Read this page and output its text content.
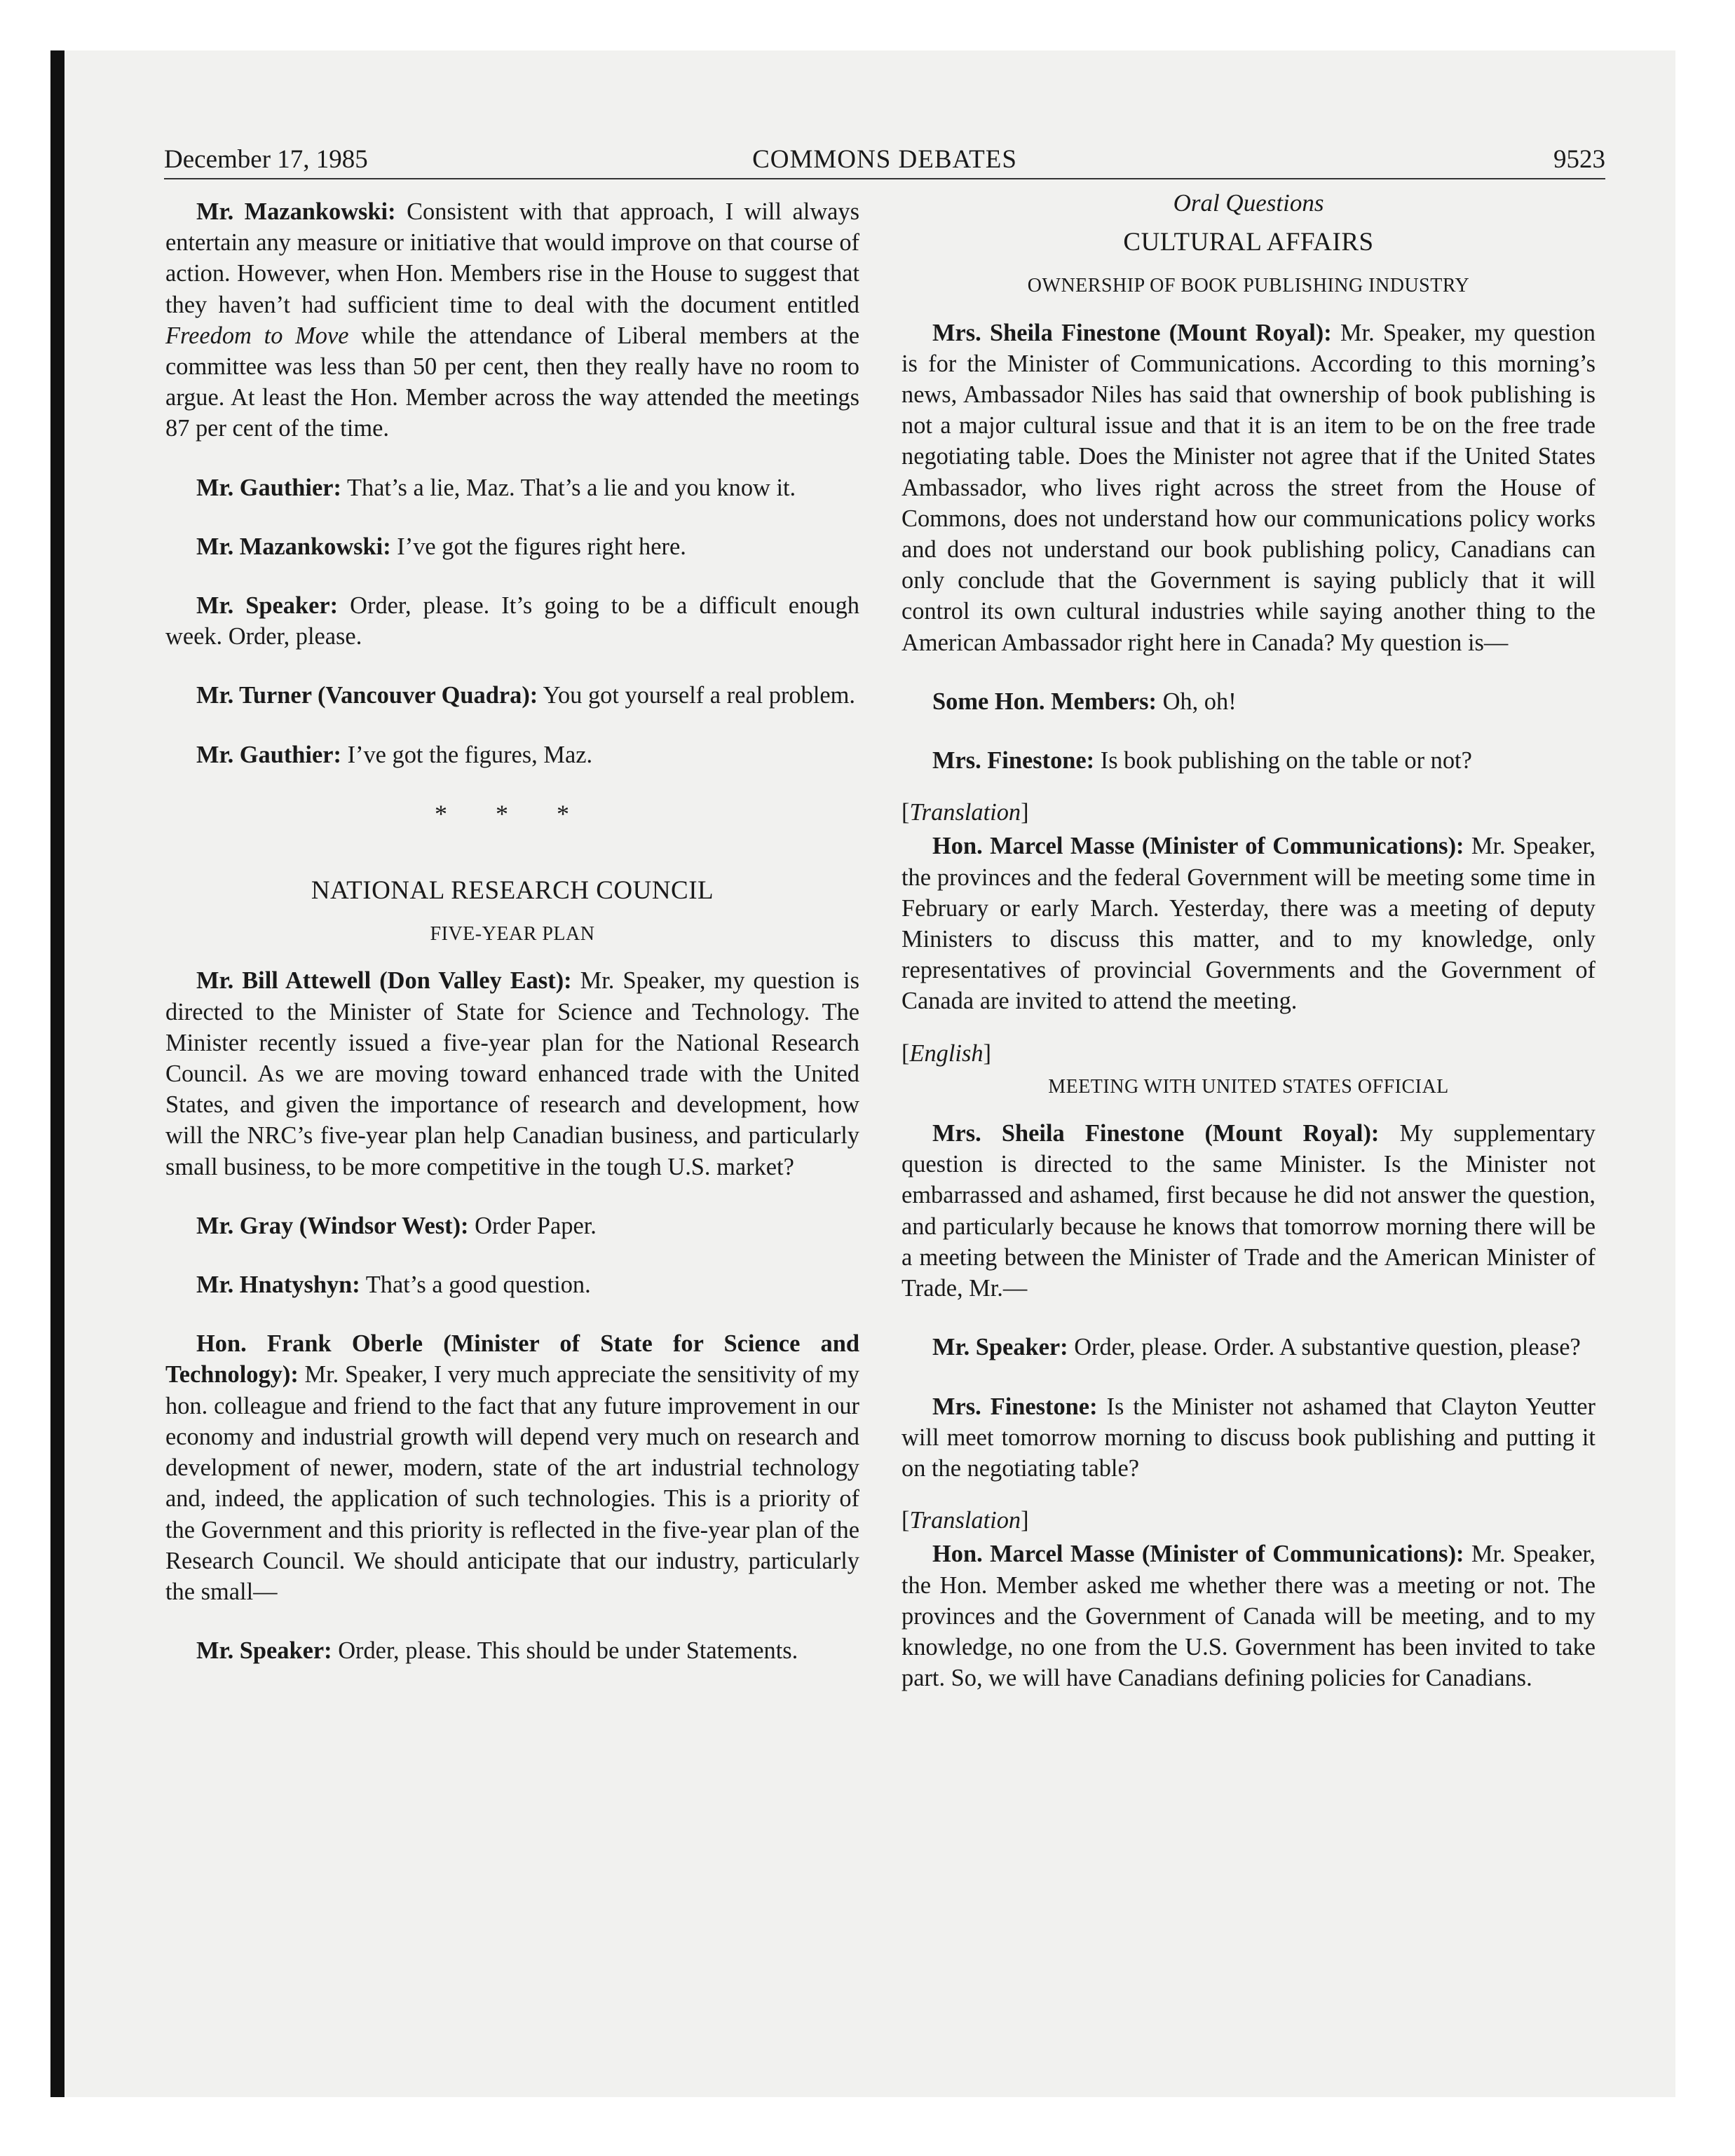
December 17, 1985	COMMONS DEBATES	9523

Mr. Mazankowski: Consistent with that approach, I will always entertain any measure or initiative that would improve on that course of action. However, when Hon. Members rise in the House to suggest that they haven’t had sufficient time to deal with the document entitled Freedom to Move while the attendance of Liberal members at the committee was less than 50 per cent, then they really have no room to argue. At least the Hon. Member across the way attended the meetings 87 per cent of the time.

Mr. Gauthier: That’s a lie, Maz. That’s a lie and you know it.

Mr. Mazankowski: I’ve got the figures right here.

Mr. Speaker: Order, please. It’s going to be a difficult enough week. Order, please.

Mr. Turner (Vancouver Quadra): You got yourself a real problem.

Mr. Gauthier: I’ve got the figures, Maz.

* * *
NATIONAL RESEARCH COUNCIL
FIVE-YEAR PLAN

Mr. Bill Attewell (Don Valley East): Mr. Speaker, my question is directed to the Minister of State for Science and Technology. The Minister recently issued a five-year plan for the National Research Council. As we are moving toward enhanced trade with the United States, and given the importance of research and development, how will the NRC’s five-year plan help Canadian business, and particularly small business, to be more competitive in the tough U.S. market?

Mr. Gray (Windsor West): Order Paper.

Mr. Hnatyshyn: That’s a good question.

Hon. Frank Oberle (Minister of State for Science and Technology): Mr. Speaker, I very much appreciate the sensitivity of my hon. colleague and friend to the fact that any future improvement in our economy and industrial growth will depend very much on research and development of newer, modern, state of the art industrial technology and, indeed, the application of such technologies. This is a priority of the Government and this priority is reflected in the five-year plan of the Research Council. We should anticipate that our industry, particularly the small—

Mr. Speaker: Order, please. This should be under Statements.

Oral Questions
CULTURAL AFFAIRS
OWNERSHIP OF BOOK PUBLISHING INDUSTRY

Mrs. Sheila Finestone (Mount Royal): Mr. Speaker, my question is for the Minister of Communications. According to this morning’s news, Ambassador Niles has said that ownership of book publishing is not a major cultural issue and that it is an item to be on the free trade negotiating table. Does the Minister not agree that if the United States Ambassador, who lives right across the street from the House of Commons, does not understand how our communications policy works and does not understand our book publishing policy, Canadians can only conclude that the Government is saying publicly that it will control its own cultural industries while saying another thing to the American Ambassador right here in Canada? My question is—

Some Hon. Members: Oh, oh!

Mrs. Finestone: Is book publishing on the table or not?

[Translation]

Hon. Marcel Masse (Minister of Communications): Mr. Speaker, the provinces and the federal Government will be meeting some time in February or early March. Yesterday, there was a meeting of deputy Ministers to discuss this matter, and to my knowledge, only representatives of provincial Governments and the Government of Canada are invited to attend the meeting.

[English]

MEETING WITH UNITED STATES OFFICIAL

Mrs. Sheila Finestone (Mount Royal): My supplementary question is directed to the same Minister. Is the Minister not embarrassed and ashamed, first because he did not answer the question, and particularly because he knows that tomorrow morning there will be a meeting between the Minister of Trade and the American Minister of Trade, Mr.—

Mr. Speaker: Order, please. Order. A substantive question, please?

Mrs. Finestone: Is the Minister not ashamed that Clayton Yeutter will meet tomorrow morning to discuss book publishing and putting it on the negotiating table?

[Translation]

Hon. Marcel Masse (Minister of Communications): Mr. Speaker, the Hon. Member asked me whether there was a meeting or not. The provinces and the Government of Canada will be meeting, and to my knowledge, no one from the U.S. Government has been invited to take part. So, we will have Canadians defining policies for Canadians.
